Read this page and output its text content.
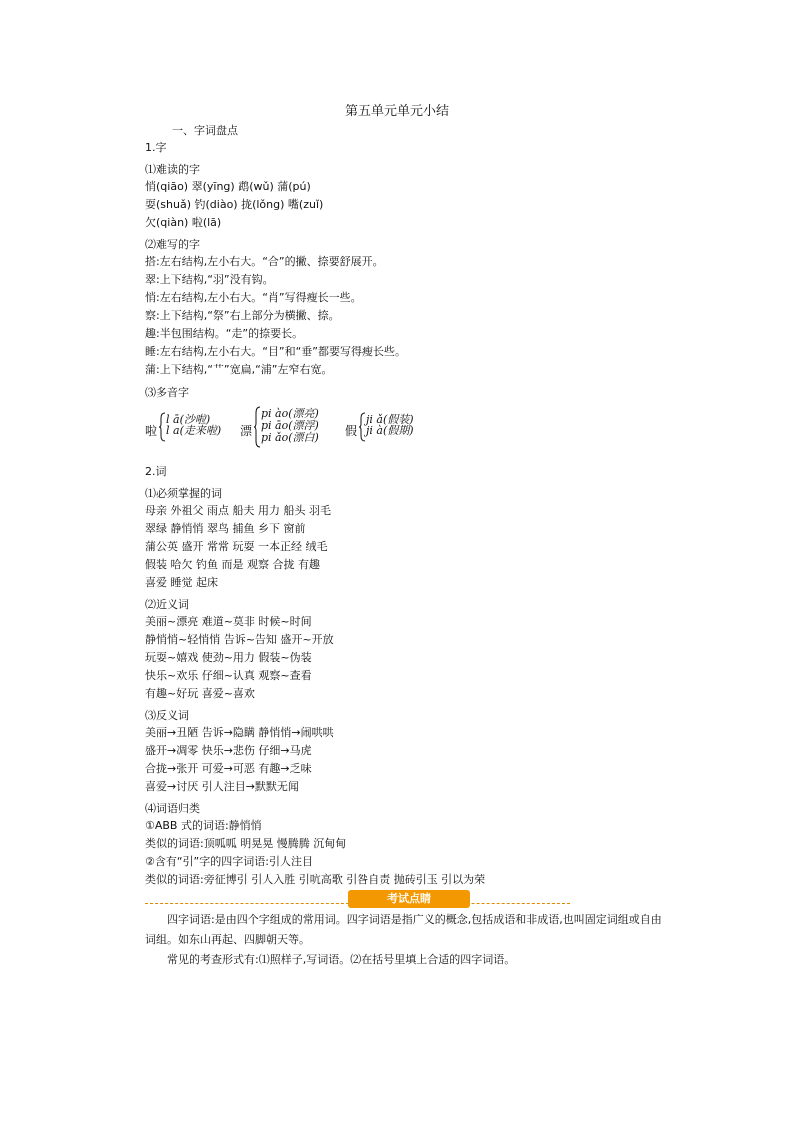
第五单元单元小结
一、字词盘点
1.字
⑴难读的字
悄(qiāo) 翠(yīng) 鹉(wǔ) 蒲(pú)
耍(shuǎ) 钓(diào) 拢(lǒng) 嘴(zuǐ)
欠(qiàn) 啦(lā)
⑵难写的字
搭:左右结构,左小右大。“合”的撇、捺要舒展开。
翠:上下结构,“羽”没有钩。
悄:左右结构,左小右大。“肖”写得瘦长一些。
察:上下结构,“祭”右上部分为横撇、捺。
趣:半包围结构。“走”的捺要长。
睡:左右结构,左小右大。“目”和“垂”都要写得瘦长些。
蒲:上下结构,“艹”宽扁,“浦”左窄右宽。
⑶多音字
啦
l ā(沙啦)
l a(走来啦) 漂
pi ào(漂亮)
pi āo(漂浮)
pi ǎo(漂白) 假
ji ǎ(假装)
ji à(假期)
2.词
⑴必须掌握的词
母亲 外祖父 雨点 船夫 用力 船头 羽毛
翠绿 静悄悄 翠鸟 捕鱼 乡下 窗前
蒲公英 盛开 常常 玩耍 一本正经 绒毛
假装 哈欠 钓鱼 而是 观察 合拢 有趣
喜爱 睡觉 起床
⑵近义词
美丽~漂亮 难道~莫非 时候~时间
静悄悄~轻悄悄 告诉~告知 盛开~开放
玩耍~嬉戏 使劲~用力 假装~伪装
快乐~欢乐 仔细~认真 观察~查看
有趣~好玩 喜爱~喜欢
⑶反义词
美丽→丑陋 告诉→隐瞒 静悄悄→闹哄哄
盛开→凋零 快乐→悲伤 仔细→马虎
合拢→张开 可爱→可恶 有趣→乏味
喜爱→讨厌 引人注目→默默无闻
⑷词语归类
①ABB 式的词语:静悄悄
类似的词语:顶呱呱 明晃晃 慢腾腾 沉甸甸
②含有“引”字的四字词语:引人注目
类似的词语:旁征博引 引人入胜 引吭高歌 引咎自责 抛砖引玉 引以为荣
考试点睛
四字词语:是由四个字组成的常用词。四字词语是指广义的概念,包括成语和非成语,也叫固定词组或自由词组。如东山再起、四脚朝天等。
常见的考查形式有:⑴照样子,写词语。⑵在括号里填上合适的四字词语。
